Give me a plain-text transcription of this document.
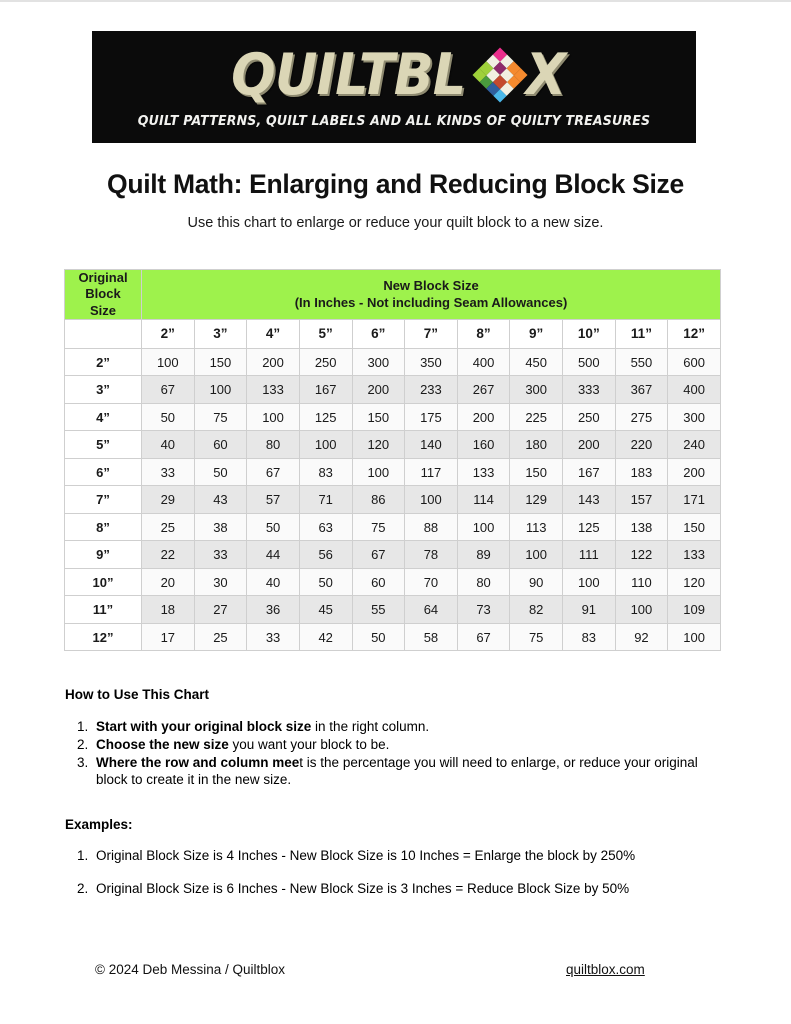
QUILTBL X
QUILT PATTERNS, QUILT LABELS AND ALL KINDS OF QUILTY TREASURES
Quilt Math: Enlarging and Reducing Block Size
Use this chart to enlarge or reduce your quilt block to a new size.
Original
Block
Size	New Block Size
(In Inches - Not including Seam Allowances)										
	2”	3”	4”	5”	6”	7”	8”	9”	10”	11”	12”
2”	100	150	200	250	300	350	400	450	500	550	600
3”	67	100	133	167	200	233	267	300	333	367	400
4”	50	75	100	125	150	175	200	225	250	275	300
5”	40	60	80	100	120	140	160	180	200	220	240
6”	33	50	67	83	100	117	133	150	167	183	200
7”	29	43	57	71	86	100	114	129	143	157	171
8”	25	38	50	63	75	88	100	113	125	138	150
9”	22	33	44	56	67	78	89	100	111	122	133
10”	20	30	40	50	60	70	80	90	100	110	120
11”	18	27	36	45	55	64	73	82	91	100	109
12”	17	25	33	42	50	58	67	75	83	92	100
How to Use This Chart
1. Start with your original block size in the right column.
2. Choose the new size you want your block to be.
3. Where the row and column meet is the percentage you will need to enlarge, or reduce your original block to create it in the new size.
Examples:
1. Original Block Size is 4 Inches - New Block Size is 10 Inches = Enlarge the block by 250%
2. Original Block Size is 6 Inches - New Block Size is 3 Inches = Reduce Block Size by 50%
© 2024 Deb Messina / Quiltblox	quiltblox.com
